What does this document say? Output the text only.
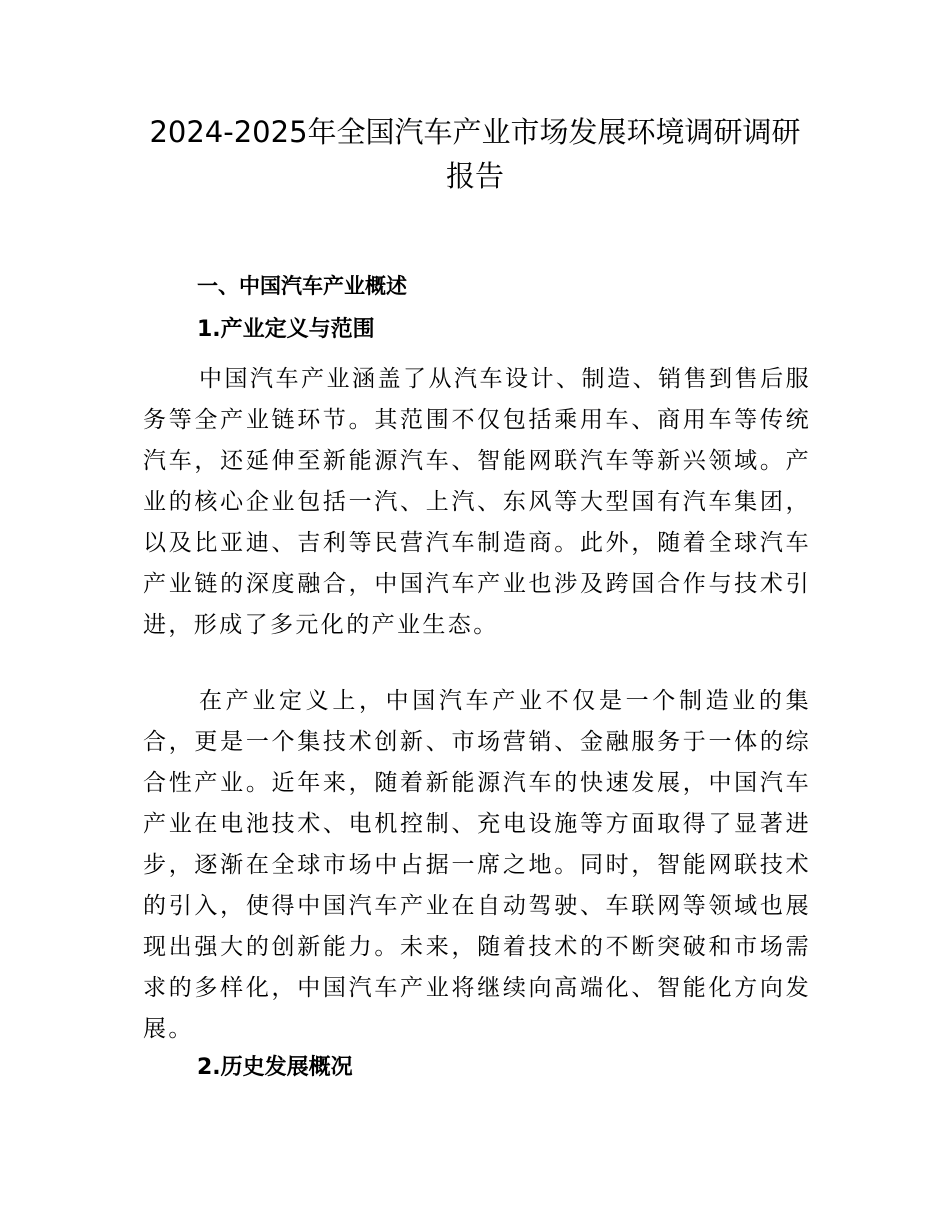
2024-2025年全国汽车产业市场发展环境调研调研报告
一、中国汽车产业概述
1.产业定义与范围

中国汽车产业涵盖了从汽车设计、制造、销售到售后服务等全产业链环节。其范围不仅包括乘用车、商用车等传统汽车，还延伸至新能源汽车、智能网联汽车等新兴领域。产业的核心企业包括一汽、上汽、东风等大型国有汽车集团，以及比亚迪、吉利等民营汽车制造商。此外，随着全球汽车产业链的深度融合，中国汽车产业也涉及跨国合作与技术引进，形成了多元化的产业生态。

在产业定义上，中国汽车产业不仅是一个制造业的集合，更是一个集技术创新、市场营销、金融服务于一体的综合性产业。近年来，随着新能源汽车的快速发展，中国汽车产业在电池技术、电机控制、充电设施等方面取得了显著进步，逐渐在全球市场中占据一席之地。同时，智能网联技术的引入，使得中国汽车产业在自动驾驶、车联网等领域也展现出强大的创新能力。未来，随着技术的不断突破和市场需求的多样化，中国汽车产业将继续向高端化、智能化方向发展。

2.历史发展概况
